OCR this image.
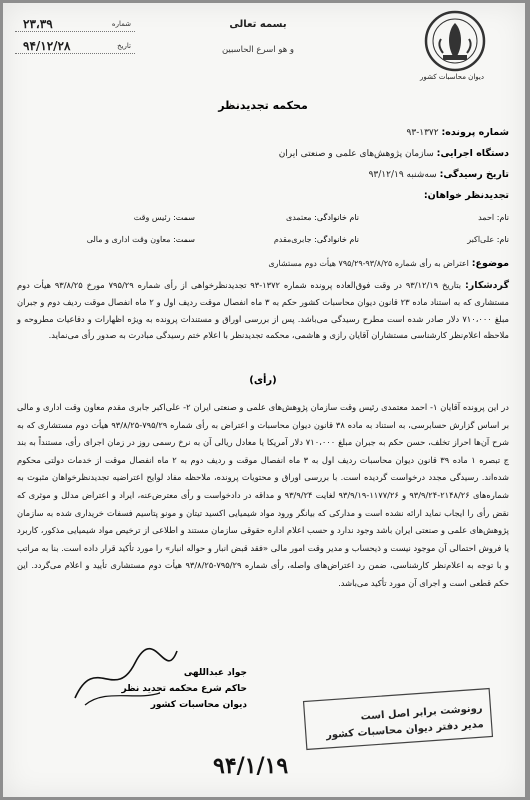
دیوان محاسبات کشور
بسمه تعالی
و هو اسرع الحاسبین
شماره
۲۳،۳۹
تاریخ
۹۴/۱۲/۲۸
محکمه تجدیدنظر
شماره پرونده: ۱۳۷۲-۹۳
دستگاه اجرایی: سازمان پژوهش‌های علمی و صنعتی ایران
تاریخ رسیدگی: سه‌شنبه ۹۳/۱۲/۱۹
تجدیدنظر خواهان:
نام: احمد
نام خانوادگی: معتمدی
سمت: رئیس وقت
نام: علی‌اکبر
نام خانوادگی: جابری‌مقدم
سمت: معاون وقت اداری و مالی
موضوع: اعتراض به رأی شماره ۹۳/۸/۲۵-۷۹۵/۲۹ هیأت دوم مستشاری
گردشکار: بتاریخ ۹۳/۱۲/۱۹ در وقت فوق‌العاده پرونده شماره ۱۳۷۲-۹۳ تجدیدنظرخواهی از رأی شماره ۷۹۵/۲۹ مورخ ۹۳/۸/۲۵ هیأت دوم مستشاری که به استناد ماده ۲۳ قانون دیوان محاسبات کشور حکم به ۳ ماه انفصال موقت ردیف اول و ۲ ماه انفصال موقت ردیف دوم و جبران مبلغ ۷۱۰،۰۰۰ دلار صادر شده است مطرح رسیدگی می‌باشد. پس از بررسی اوراق و مستندات پرونده به ویژه اظهارات و دفاعیات مطروحه و ملاحظه اعلام‌نظر کارشناسی مستشاران آقایان رازی و هاشمی، محکمه تجدیدنظر با اعلام ختم رسیدگی مبادرت به صدور رأی می‌نماید.
(رأی)
در این پرونده آقایان ۱- احمد معتمدی رئیس وقت سازمان پژوهش‌های علمی و صنعتی ایران ۲- علی‌اکبر جابری مقدم معاون وقت اداری و مالی بر اساس گزارش حسابرسی، به استناد به ماده ۳۸ قانون دیوان محاسبات و اعتراض به رأی شماره ۷۹۵/۲۹-۹۳/۸/۲۵ هیأت دوم مستشاری که به شرح آن‌ها احراز تخلف، حسن حکم به جبران مبلغ ۷۱۰،۰۰۰ دلار آمریکا یا معادل ریالی آن به نرخ رسمی روز در زمان اجرای رأی، مستنداً به بند ج تبصره ۱ ماده ۳۹ قانون دیوان محاسبات ردیف اول به ۳ ماه انفصال موقت و ردیف دوم به ۲ ماه انفصال موقت از خدمات دولتی محکوم شده‌اند. رسیدگی مجدد درخواست گردیده است. با بررسی اوراق و محتویات پرونده، ملاحظه مفاد لوایح اعتراضیه تجدیدنظرخواهان مثبوت به شماره‌های ۲۱۴۸/۲۶-۹۳/۹/۲۴ و ۱۱۷۷/۲۶-۹۳/۹/۱۹ لغایت ۹۳/۹/۲۴ و مداقه در دادخواست و رأی معترض‌عنه، ایراد و اعتراض مدلل و موثری که نقض رأی را ایجاب نماید ارائه نشده است و مدارکی که بیانگر ورود مواد شیمیایی اکسید تیتان و مونو پتاسیم فسفات خریداری شده به سازمان پژوهش‌های علمی و صنعتی ایران باشد وجود ندارد و حسب اعلام اداره حقوقی سازمان مستند و اطلاعی از ترخیص مواد شیمیایی مذکور، کاربرد یا فروش احتمالی آن موجود نیست و ذیحساب و مدیر وقت امور مالی «فقد قبض انبار و حواله انبار» را مورد تأکید قرار داده است. بنا به مراتب و با توجه به اعلام‌نظر کارشناسی، ضمن رد اعتراض‌های واصله، رأی شماره ۷۹۵/۲۹-۹۳/۸/۲۵ هیأت دوم مستشاری تأیید و اعلام می‌گردد. این حکم قطعی است و اجرای آن مورد تأکید می‌باشد.
جواد عبداللهی
حاکم شرع محکمه تجدید نظر
دیوان محاسبات کشور	رونوشت برابر اصل است
مدیر دفتر دیوان محاسبات کشور
۹۴/۱/۱۹
